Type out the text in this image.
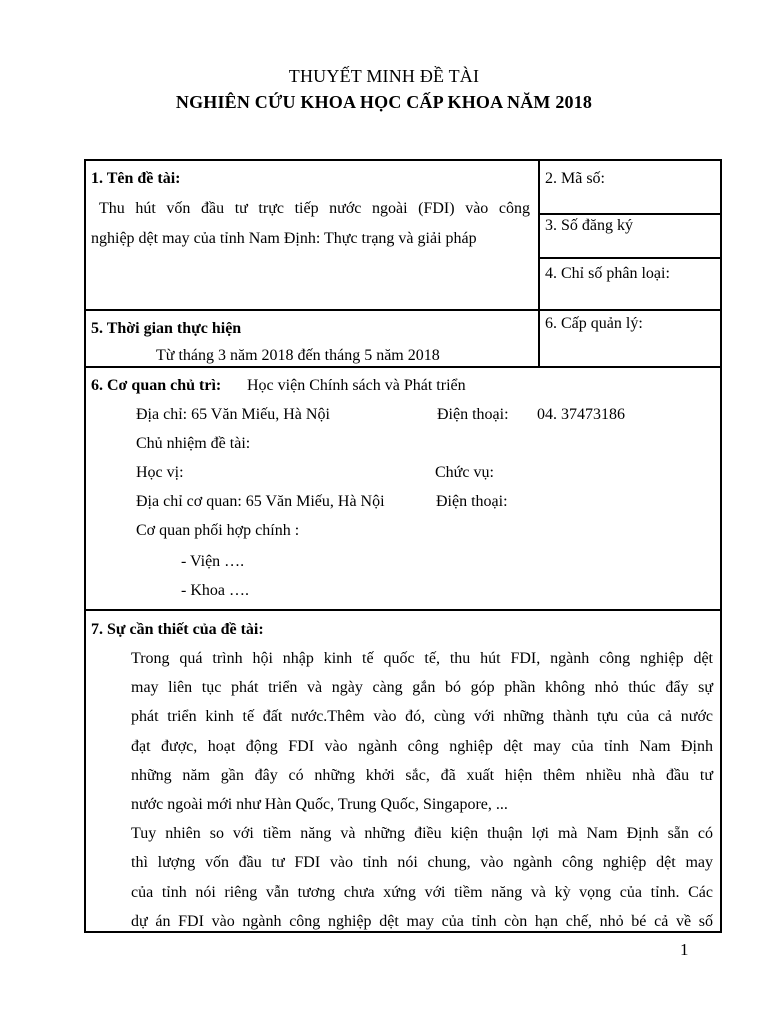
THUYẾT MINH ĐỀ TÀI
NGHIÊN CỨU KHOA HỌC CẤP KHOA NĂM 2018
1. Tên đề tài:
Thu hút vốn đầu tư trực tiếp nước ngoài (FDI) vào công
nghiệp dệt may của tỉnh Nam Định: Thực trạng và giải pháp
2. Mã số:
3. Số đăng ký
4. Chỉ số phân loại:
6. Cấp quản lý:
5. Thời gian thực hiện
Từ tháng 3 năm 2018 đến tháng 5 năm 2018
6. Cơ quan chủ trì: Học viện Chính sách và Phát triển
Địa chỉ: 65 Văn Miếu, Hà Nội	Điện thoại: 04. 37473186
Chủ nhiệm đề tài:
Học vị:	Chức vụ:
Địa chỉ cơ quan: 65 Văn Miếu, Hà Nội	Điện thoại:
Cơ quan phối hợp chính :
- Viện ….
- Khoa ….
7. Sự cần thiết của đề tài:
Trong quá trình hội nhập kinh tế quốc tế, thu hút FDI, ngành công nghiệp dệt
may liên tục phát triển và ngày càng gắn bó góp phần không nhỏ thúc đẩy sự
phát triển kinh tế đất nước.Thêm vào đó, cùng với những thành tựu của cả nước
đạt được, hoạt động FDI vào ngành công nghiệp dệt may của tỉnh Nam Định
những năm gần đây có những khởi sắc, đã xuất hiện thêm nhiều nhà đầu tư
nước ngoài mới như Hàn Quốc, Trung Quốc, Singapore, ...
Tuy nhiên so với tiềm năng và những điều kiện thuận lợi mà Nam Định sẵn có
thì lượng vốn đầu tư FDI vào tỉnh nói chung, vào ngành công nghiệp dệt may
của tỉnh nói riêng vẫn tương chưa xứng với tiềm năng và kỳ vọng của tỉnh. Các
dự án FDI vào ngành công nghiệp dệt may của tỉnh còn hạn chế, nhỏ bé cả về số
1
